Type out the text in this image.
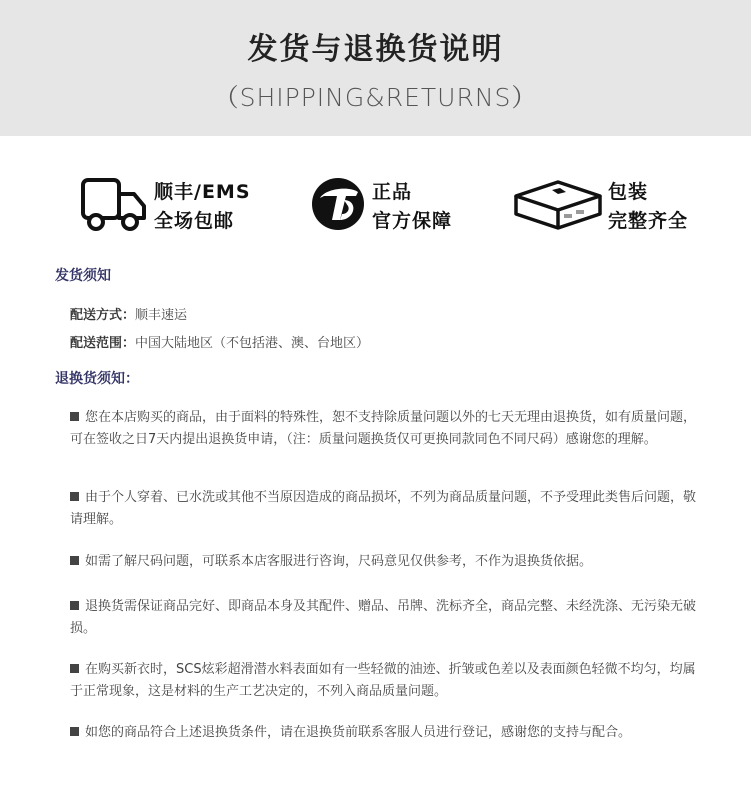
发货与退换货说明
（SHIPPING&RETURNS）
顺丰/EMS
全场包邮
正品
官方保障
包装
完整齐全
发货须知
配送方式：顺丰速运
配送范围：中国大陆地区（不包括港、澳、台地区）
退换货须知：
您在本店购买的商品，由于面料的特殊性，恕不支持除质量问题以外的七天无理由退换货，如有质量问题，可在签收之日7天内提出退换货申请，（注：质量问题换货仅可更换同款同色不同尺码）感谢您的理解。
由于个人穿着、已水洗或其他不当原因造成的商品损坏，不列为商品质量问题，不予受理此类售后问题，敬请理解。
如需了解尺码问题，可联系本店客服进行咨询，尺码意见仅供参考，不作为退换货依据。
退换货需保证商品完好、即商品本身及其配件、赠品、吊牌、洗标齐全，商品完整、未经洗涤、无污染无破损。
在购买新衣时，SCS炫彩超滑潜水料表面如有一些轻微的油迹、折皱或色差以及表面颜色轻微不均匀，均属于正常现象，这是材料的生产工艺决定的，不列入商品质量问题。
如您的商品符合上述退换货条件，请在退换货前联系客服人员进行登记，感谢您的支持与配合。
